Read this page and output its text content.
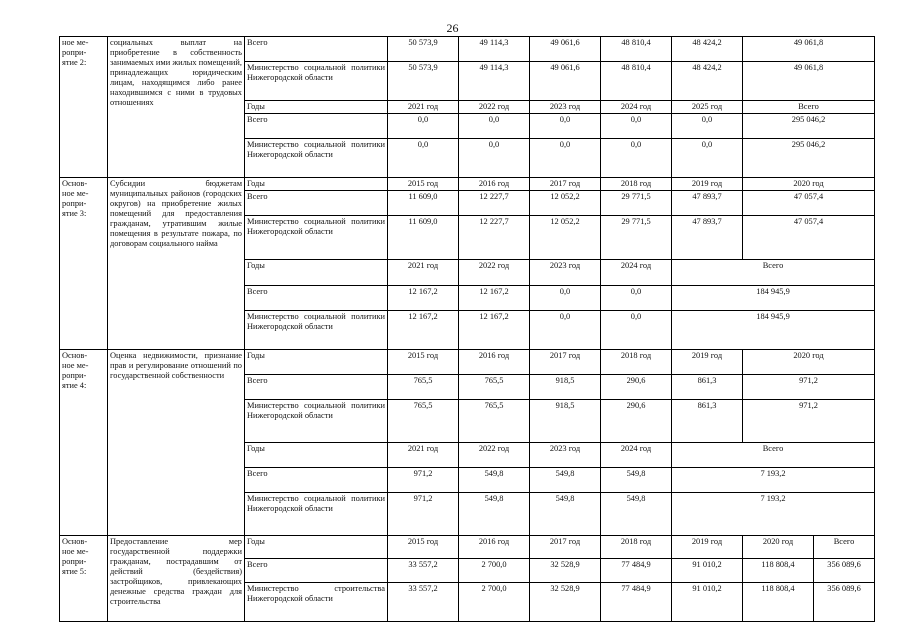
26
ное ме-
ропри-
ятие 2:	социальных выплат на приобретение в собственность занимаемых ими жилых помещений, принадлежащих юридическим лицам, находящимся либо ранее находившимся с ними в трудовых отношениях	Всего	50 573,9	49 114,3	49 061,6	48 810,4	48 424,2	49 061,8	
		Министерство социальной политики Нижегородской области	50 573,9	49 114,3	49 061,6	48 810,4	48 424,2	49 061,8	
		Годы	2021 год	2022 год	2023 год	2024 год	2025 год	Всего	
		Всего	0,0	0,0	0,0	0,0	0,0	295 046,2	
		Министерство социальной политики Нижегородской области	0,0	0,0	0,0	0,0	0,0	295 046,2	
Основ-
ное ме-
ропри-
ятие 3:	Субсидии бюджетам муниципальных районов (городских округов) на приобретение жилых помещений для предоставления гражданам, утратившим жилые помещения в результате пожара, по договорам социального найма	Годы	2015 год	2016 год	2017 год	2018 год	2019 год	2020 год	
		Всего	11 609,0	12 227,7	12 052,2	29 771,5	47 893,7	47 057,4	
		Министерство социальной политики Нижегородской области	11 609,0	12 227,7	12 052,2	29 771,5	47 893,7	47 057,4	
		Годы	2021 год	2022 год	2023 год	2024 год	Всего		
		Всего	12 167,2	12 167,2	0,0	0,0	184 945,9		
		Министерство социальной политики Нижегородской области	12 167,2	12 167,2	0,0	0,0	184 945,9		
Основ-
ное ме-
ропри-
ятие 4:	Оценка недвижимости, признание прав и регулирование отношений по государственной собственности	Годы	2015 год	2016 год	2017 год	2018 год	2019 год	2020 год	
		Всего	765,5	765,5	918,5	290,6	861,3	971,2	
		Министерство социальной политики Нижегородской области	765,5	765,5	918,5	290,6	861,3	971,2	
		Годы	2021 год	2022 год	2023 год	2024 год	Всего		
		Всего	971,2	549,8	549,8	549,8	7 193,2		
		Министерство социальной политики Нижегородской области	971,2	549,8	549,8	549,8	7 193,2		
Основ-
ное ме-
ропри-
ятие 5:	Предоставление мер государственной поддержки гражданам, пострадавшим от действий (бездействия) застройщиков, привлекающих денежные средства граждан для строительства	Годы	2015 год	2016 год	2017 год	2018 год	2019 год	2020 год	Всего
		Всего	33 557,2	2 700,0	32 528,9	77 484,9	91 010,2	118 808,4	356 089,6
		Министерство строительства Нижегородской области	33 557,2	2 700,0	32 528,9	77 484,9	91 010,2	118 808,4	356 089,6
